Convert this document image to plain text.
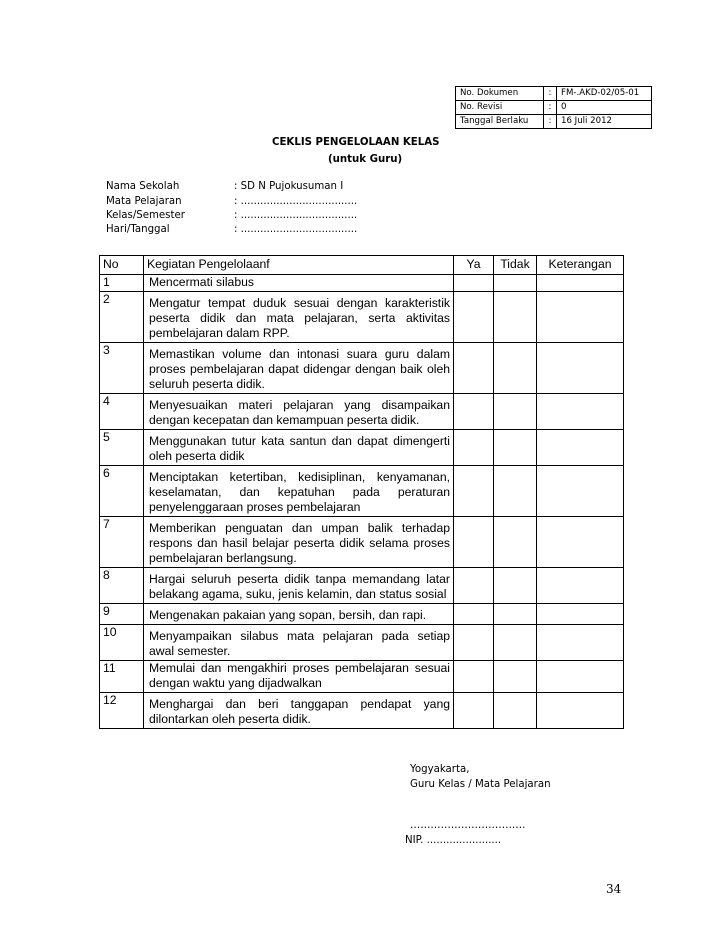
No. Dokumen	:	FM-.AKD-02/05-01
No. Revisi	:	0
Tanggal Berlaku	:	16 Juli 2012
CEKLIS PENGELOLAAN KELAS
(untuk Guru)
Nama Sekolah	: SD N Pujokusuman I
Mata Pelajaran	: ....................................
Kelas/Semester	: ....................................
Hari/Tanggal	: ....................................
No	Kegiatan Pengelolaanf	Ya	Tidak	Keterangan
1	Mencermati silabus			
2	Mengatur tempat duduk sesuai dengan karakteristik peserta didik dan mata pelajaran, serta aktivitas pembelajaran dalam RPP.			
3	Memastikan volume dan intonasi suara guru dalam proses pembelajaran dapat didengar dengan baik oleh seluruh peserta didik.			
4	Menyesuaikan materi pelajaran yang disampaikan dengan kecepatan dan kemampuan peserta didik.			
5	Menggunakan tutur kata santun dan dapat dimengerti oleh peserta didik			
6	Menciptakan ketertiban, kedisiplinan, kenyamanan, keselamatan, dan kepatuhan pada peraturan penyelenggaraan proses pembelajaran			
7	Memberikan penguatan dan umpan balik terhadap respons dan hasil belajar peserta didik selama proses pembelajaran berlangsung.			
8	Hargai seluruh peserta didik tanpa memandang latar belakang agama, suku, jenis kelamin, dan status sosial			
9	Mengenakan pakaian yang sopan, bersih, dan rapi.			
10	Menyampaikan silabus mata pelajaran pada setiap awal semester.			
11	Memulai dan mengakhiri proses pembelajaran sesuai dengan waktu yang dijadwalkan			
12	Menghargai dan beri tanggapan pendapat yang dilontarkan oleh peserta didik.			
Yogyakarta,
Guru Kelas / Mata Pelajaran
…………………………….
NIP. .......................
34
